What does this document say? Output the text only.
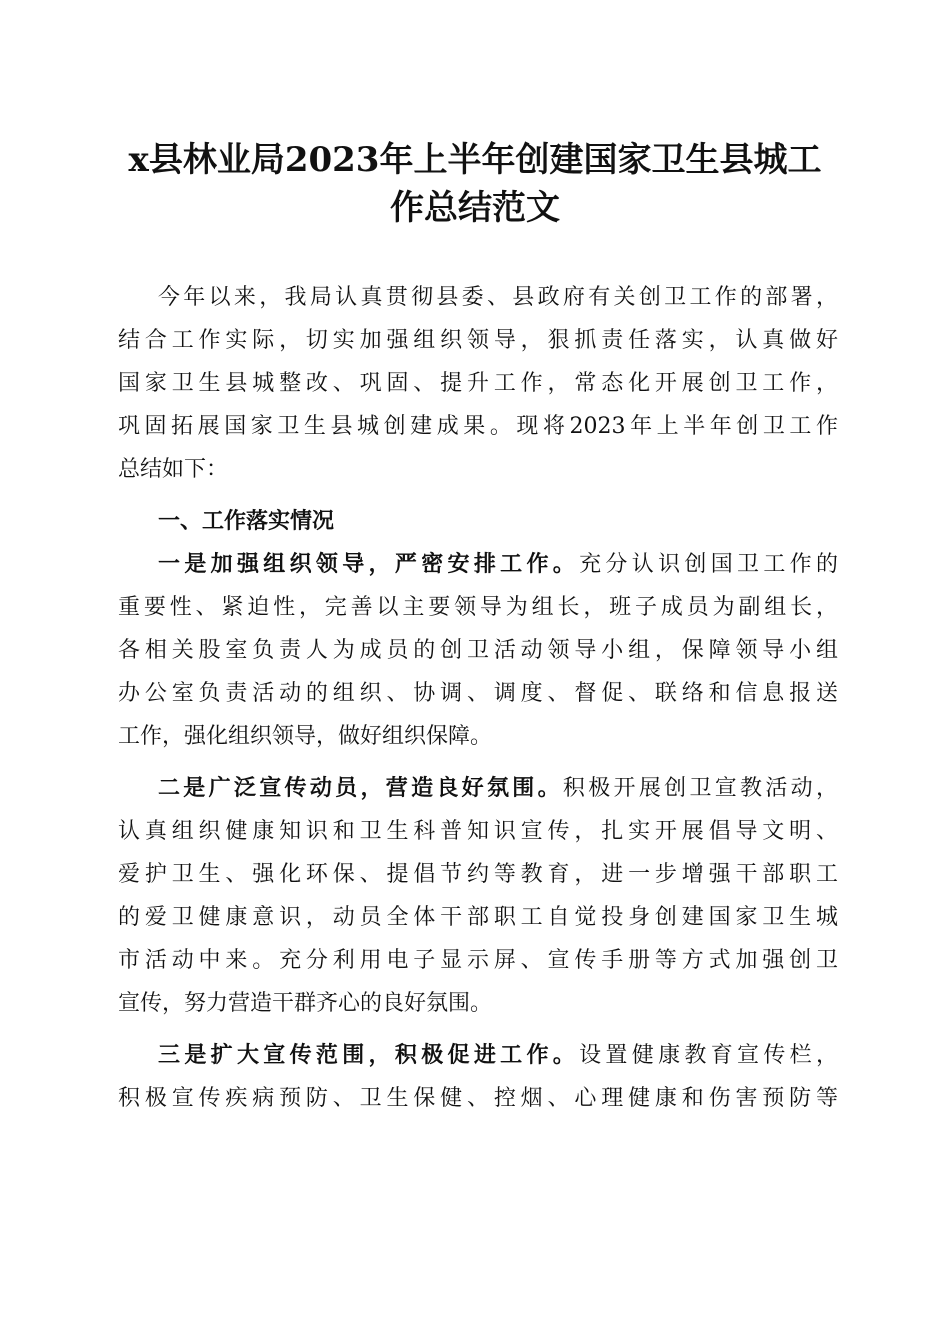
x县林业局2023年上半年创建国家卫生县城工
作总结范文

今年以来，我局认真贯彻县委、县政府有关创卫工作的部署，

结合工作实际，切实加强组织领导，狠抓责任落实，认真做好

国家卫生县城整改、巩固、提升工作，常态化开展创卫工作，

巩固拓展国家卫生县城创建成果。现将2023年上半年创卫工作

总结如下：

一、工作落实情况

一是加强组织领导，严密安排工作。充分认识创国卫工作的

重要性、紧迫性，完善以主要领导为组长，班子成员为副组长，

各相关股室负责人为成员的创卫活动领导小组，保障领导小组

办公室负责活动的组织、协调、调度、督促、联络和信息报送

工作，强化组织领导，做好组织保障。

二是广泛宣传动员，营造良好氛围。积极开展创卫宣教活动，

认真组织健康知识和卫生科普知识宣传，扎实开展倡导文明、

爱护卫生、强化环保、提倡节约等教育，进一步增强干部职工

的爱卫健康意识，动员全体干部职工自觉投身创建国家卫生城

市活动中来。充分利用电子显示屏、宣传手册等方式加强创卫

宣传，努力营造干群齐心的良好氛围。

三是扩大宣传范围，积极促进工作。设置健康教育宣传栏，

积极宣传疾病预防、卫生保健、控烟、心理健康和伤害预防等
